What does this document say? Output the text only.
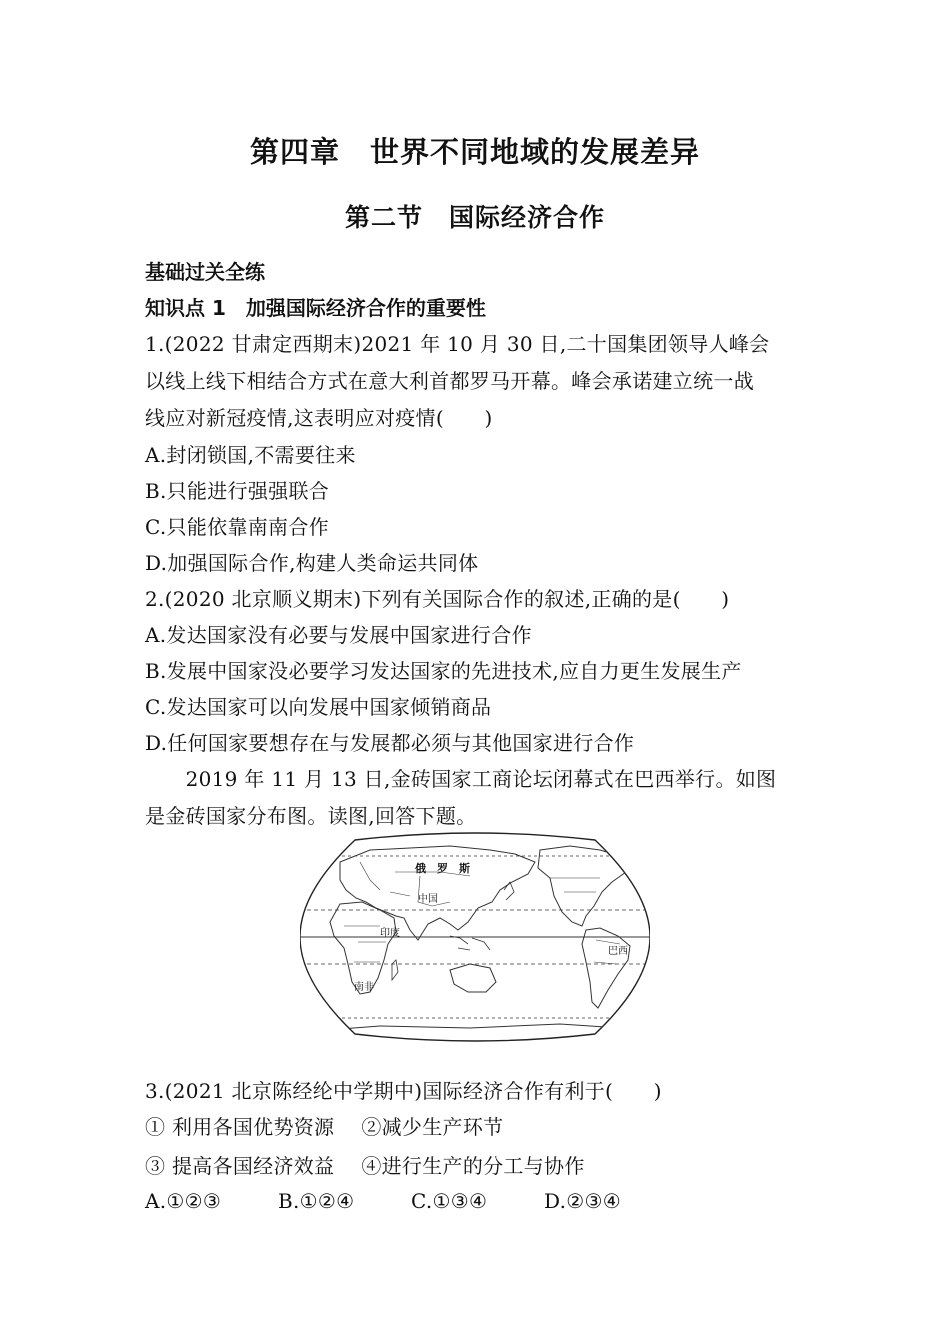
第四章　世界不同地域的发展差异
第二节　国际经济合作
基础过关全练
知识点 1　加强国际经济合作的重要性
1.(2022 甘肃定西期末)2021 年 10 月 30 日,二十国集团领导人峰会
以线上线下相结合方式在意大利首都罗马开幕。峰会承诺建立统一战
线应对新冠疫情,这表明应对疫情(　　)
A.封闭锁国,不需要往来
B.只能进行强强联合
C.只能依靠南南合作
D.加强国际合作,构建人类命运共同体
2.(2020 北京顺义期末)下列有关国际合作的叙述,正确的是(　　)
A.发达国家没有必要与发展中国家进行合作
B.发展中国家没必要学习发达国家的先进技术,应自力更生发展生产
C.发达国家可以向发展中国家倾销商品
D.任何国家要想存在与发展都必须与其他国家进行合作
　　2019 年 11 月 13 日,金砖国家工商论坛闭幕式在巴西举行。如图
是金砖国家分布图。读图,回答下题。
俄　罗　斯
中国
印度
南非
巴西
3.(2021 北京陈经纶中学期中)国际经济合作有利于(　　)
① 利用各国优势资源　 ②减少生产环节
③ 提高各国经济效益　 ④进行生产的分工与协作
A.①②③	B.①②④	C.①③④	D.②③④
